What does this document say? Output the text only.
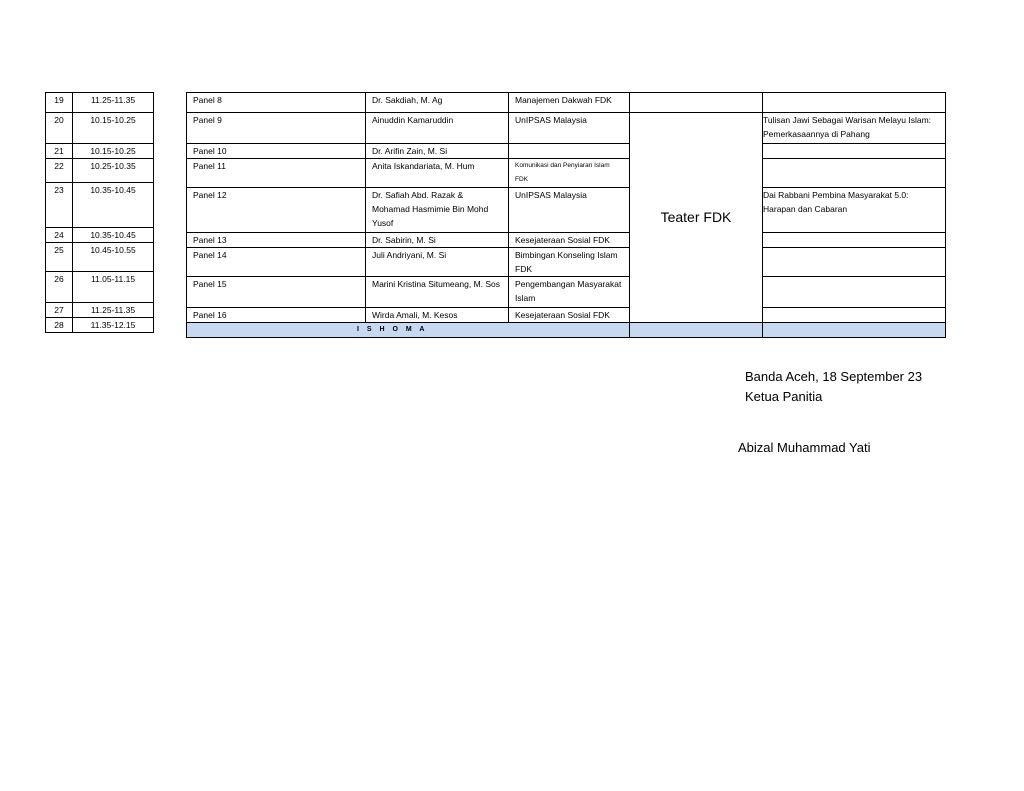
19	11.25-11.35
20	10.15-10.25
21	10.15-10.25
22	10.25-10.35
23	10.35-10.45
24	10.35-10.45
25	10.45-10.55
26	11.05-11.15
27	11.25-11.35
28	11.35-12.15
Panel 8	Dr. Sakdiah, M. Ag	Manajemen Dakwah FDK		
Panel 9	Ainuddin Kamaruddin	UnIPSAS Malaysia	Teater FDK	Tulisan Jawi Sebagai Warisan Melayu Islam: Pemerkasaannya di Pahang
Panel 10	Dr. Arifin Zain, M. Si			
Panel 11	Anita Iskandariata, M. Hum	Komunikasi dan Penyiaran Islam FDK		
Panel 12	Dr. Safiah Abd. Razak & Mohamad Hasmimie Bin Mohd Yusof	UnIPSAS Malaysia		Dai Rabbani Pembina Masyarakat 5.0: Harapan dan Cabaran
Panel 13	Dr. Sabirin, M. Si	Kesejateraan Sosial FDK		
Panel 14	Juli Andriyani, M. Si	Bimbingan Konseling Islam FDK		
Panel 15	Marini Kristina Situmeang, M. Sos	Pengembangan Masyarakat Islam		
Panel 16	Wirda Amali, M. Kesos	Kesejateraan Sosial FDK		
I S H O M A				
Banda Aceh, 18 September 23
Ketua Panitia
Abizal Muhammad Yati
